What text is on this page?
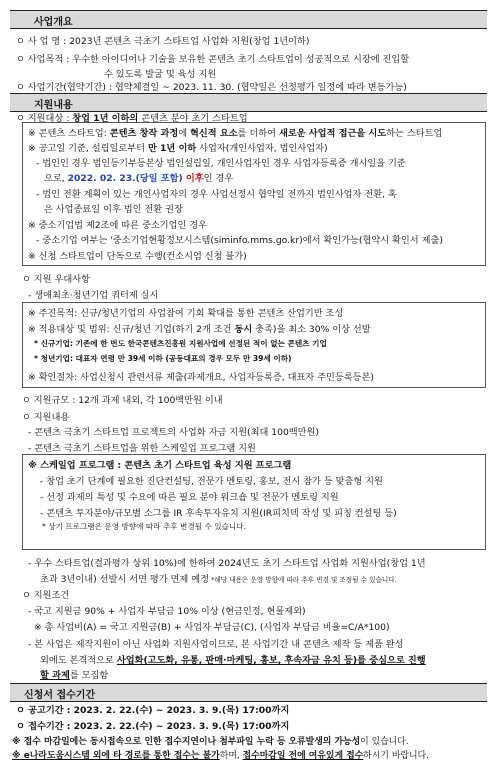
사업개요
ㅇ 사 업 명 : 2023년 콘텐츠 극초기 스타트업 사업화 지원(창업 1년이하)
ㅇ 사업목적 : 우수한 아이디어나 기술을 보유한 콘텐츠 초기 스타트업이 성공적으로 시장에 진입할
수 있도록 발굴 및 육성 지원
ㅇ 사업기간(협약기간) : 협약체결일 ~ 2023. 11. 30. (협약일은 선정평가 일정에 따라 변동가능)
지원내용
ㅇ 지원대상 : 창업 1년 이하의 콘텐츠 분야 초기 스타트업
※ 콘텐츠 스타트업: 콘텐츠 창작 과정에 혁신적 요소를 더하여 새로운 사업적 접근을 시도하는 스타트업
※ 공고일 기준, 설립일로부터 만 1년 이하 사업자(개인사업자, 법인사업자)
- 법인인 경우 법인등기부등본상 법인설립일, 개인사업자인 경우 사업자등록증 개시일을 기준
으로, 2022. 02. 23.(당일 포함) 이후인 경우
- 법인 전환 계획이 있는 개인사업자의 경우 사업선정시 협약일 전까지 법인사업자 전환, 혹
은 사업종료일 이후 법인 전환 권장
※ 중소기업법 제2조에 따른 중소기업인 경우
- 중소기업 여부는 '중소기업현황정보시스템(siminfo.mms.go.kr)에서 확인가능(협약시 확인서 제출)
※ 신청 스타트업이 단독으로 수행(컨소시엄 신청 불가)
ㅇ 지원 우대사항
- 생애최초·청년기업 쿼터제 실시
※ 주진목적: 신규/청년기업의 사업참여 기회 확대를 통한 콘텐츠 산업기반 조성
※ 적용대상 및 범위: 신규/청년 기업(하기 2개 조건 동시 충족)을 최소 30% 이상 선발
* 신규기업: 기존에 한 번도 한국콘텐츠진흥원 지원사업에 선정된 적이 없는 콘텐츠 기업
* 청년기업: 대표자 연령 만 39세 이하 (공동대표의 경우 모두 만 39세 이하)
※ 확인절차: 사업신청시 관련서류 제출(과제개요, 사업자등록증, 대표자 주민등록등본)
ㅇ 지원규모 : 12개 과제 내외, 각 100백만원 이내
ㅇ 지원내용
- 콘텐츠 극초기 스타트업 프로젝트의 사업화 자금 지원(최대 100백만원)
- 콘텐츠 극초기 스타트업을 위한 스케일업 프로그램 지원
※ 스케일업 프로그램 : 콘텐츠 초기 스타트업 육성 지원 프로그램
- 창업 초기 단계에 필요한 진단컨설팅, 전문가 멘토링, 홍보, 전시 참가 등 맞춤형 지원
- 선정 과제의 특성 및 수요에 따른 필요 분야 워크숍 및 전문가 멘토링 지원
- 콘텐츠 투자분야/규모별 소그룹 IR 후속투자유치 지원(IR피치덱 작성 및 피칭 컨설팅 등)
* 상기 프로그램은 운영 방향에 따라 추후 변경될 수 있습니다.
- 우수 스타트업(결과평가 상위 10%)에 한하여 2024년도 초기 스타트업 사업화 지원사업(창업 1년
초과 3년이내) 선발시 서면 평가 면제 예정 *해당 내용은 운영 방향에 따라 추후 변경 및 조정될 수 있습니다.
ㅇ 지원조건
- 국고 지원금 90% + 사업자 부담금 10% 이상 (현금인정, 현물제외)
※ 총 사업비(A) = 국고 지원금(B) + 사업자 부담금(C), (사업자 부담금 비율=C/A*100)
- 본 사업은 제작지원이 아닌 사업화 지원사업이므로, 본 사업기간 내 콘텐츠 제작 등 제품 완성
외에도 본격적으로 사업화(고도화, 유통, 판매·마케팅, 홍보, 후속자금 유치 등)를 중심으로 진행
할 과제를 모집함
신청서 접수기간
ㅇ 공고기간 : 2023. 2. 22.(수) ~ 2023. 3. 9.(목) 17:00까지
ㅇ 접수기간 : 2023. 2. 22.(수) ~ 2023. 3. 9.(목) 17:00까지
※ 접수 마감일에는 동시접속으로 인한 접수지연이나 첨부파일 누락 등 오류발생의 가능성이 있습니다.
※ e나라도움시스템 외에 타 경로를 통한 접수는 불가하며, 접수마감일 전에 여유있게 접수하시기 바랍니다.
